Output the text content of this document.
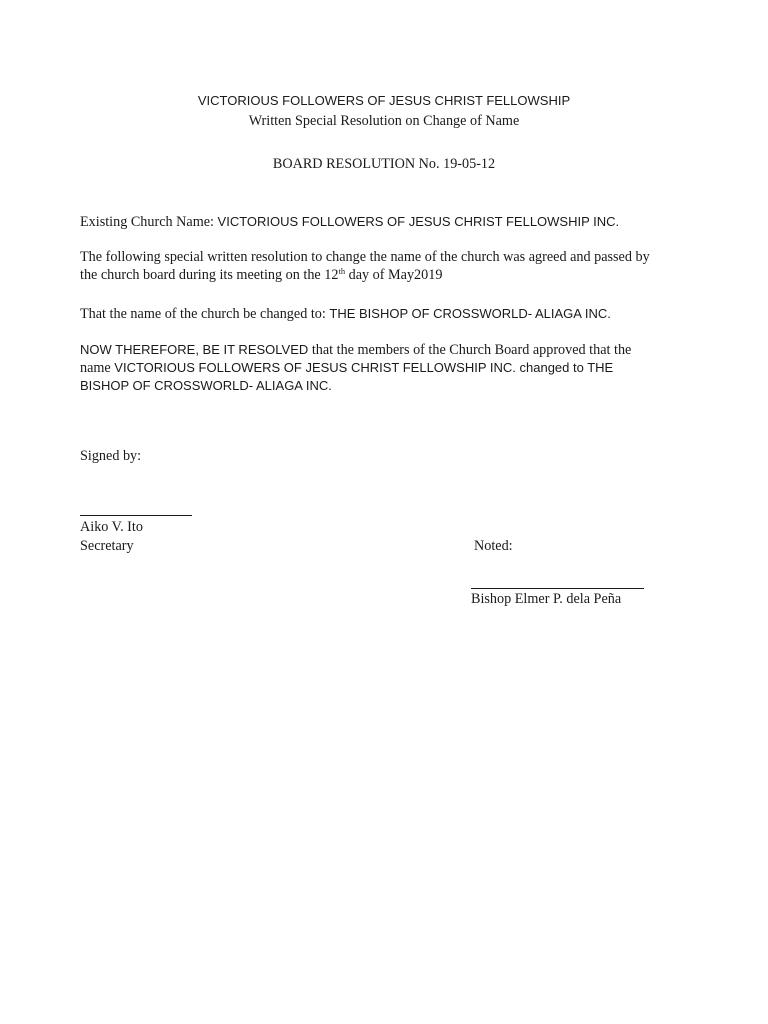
VICTORIOUS FOLLOWERS OF JESUS CHRIST FELLOWSHIP
Written Special Resolution on Change of Name
BOARD RESOLUTION No. 19-05-12
Existing Church Name: VICTORIOUS FOLLOWERS OF JESUS CHRIST FELLOWSHIP INC.
The following special written resolution to change the name of the church was agreed and passed by
the church board during its meeting on the 12th day of May2019
That the name of the church be changed to: THE BISHOP OF CROSSWORLD- ALIAGA INC.
NOW THEREFORE, BE IT RESOLVED that the members of the Church Board approved that the
name VICTORIOUS FOLLOWERS OF JESUS CHRIST FELLOWSHIP INC. changed to THE
BISHOP OF CROSSWORLD- ALIAGA INC.
Signed by:
Aiko V. Ito
Secretary	Noted:
Bishop Elmer P. dela Peña
